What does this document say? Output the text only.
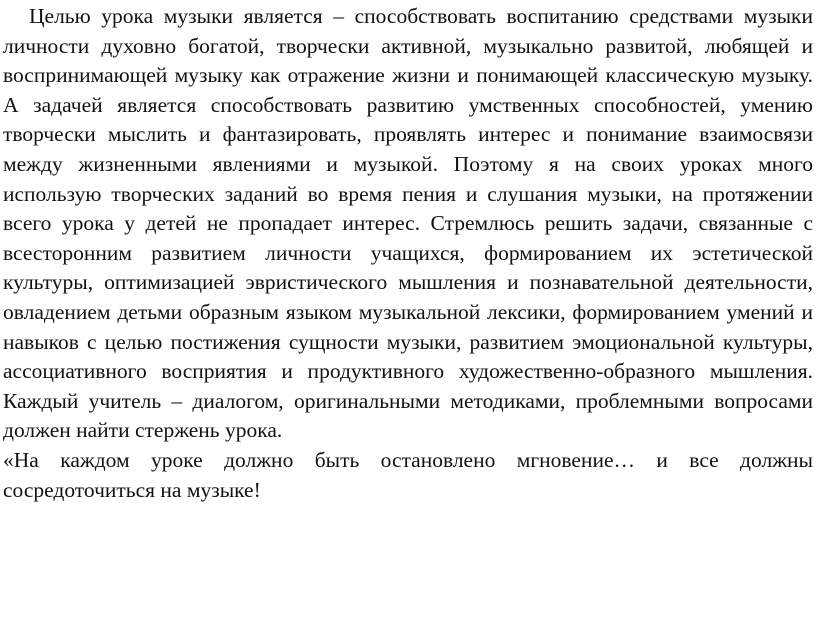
Целью урока музыки является – способствовать воспитанию средствами музыки личности духовно богатой, творчески активной, музыкально развитой, любящей и воспринимающей музыку как отражение жизни и понимающей классическую музыку. А задачей является способствовать развитию умственных способностей, умению творчески мыслить и фантазировать, проявлять интерес и понимание взаимосвязи между жизненными явлениями и музыкой. Поэтому я на своих уроках много использую творческих заданий во время пения и слушания музыки, на протяжении всего урока у детей не пропадает интерес. Стремлюсь решить задачи, связанные с всесторонним развитием личности учащихся, формированием их эстетической культуры, оптимизацией эвристического мышления и познавательной деятельности, овладением детьми образным языком музыкальной лексики, формированием умений и навыков с целью постижения сущности музыки, развитием эмоциональной культуры, ассоциативного восприятия и продуктивного художественно-образного мышления. Каждый учитель – диалогом, оригинальными методиками, проблемными вопросами должен найти стержень урока.

«На каждом уроке должно быть остановлено мгновение… и все должны сосредоточиться на музыке!
